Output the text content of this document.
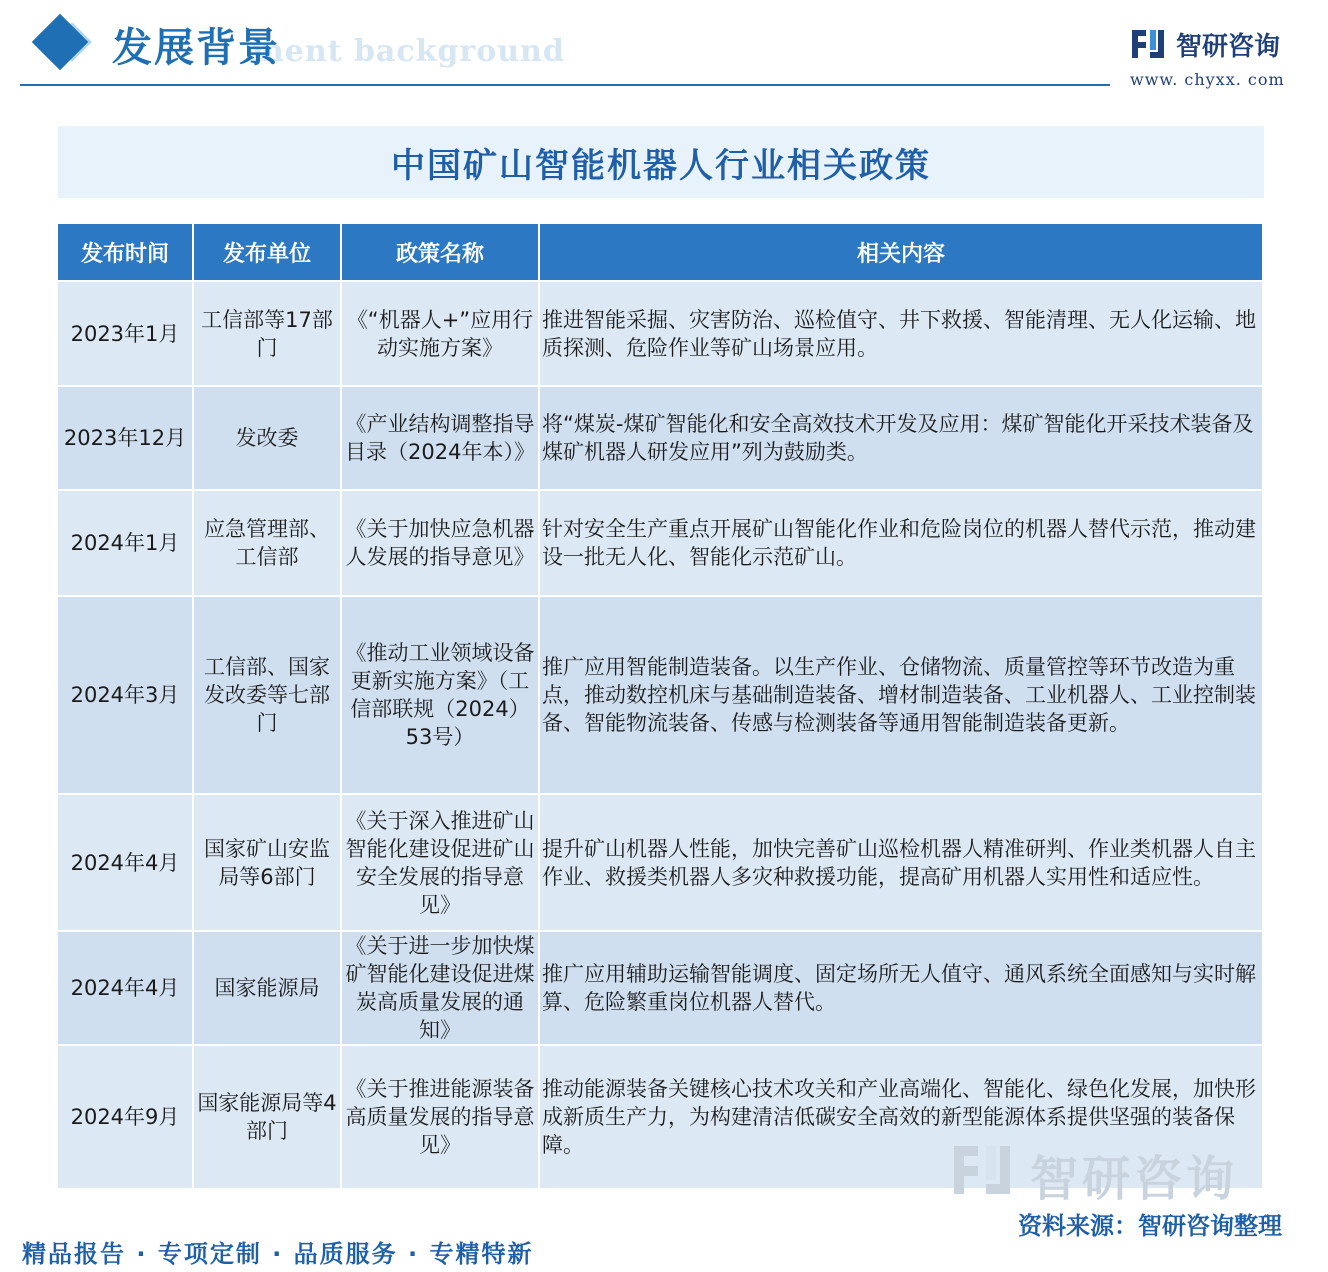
ment background
发展背景	智研咨询
www. chyxx. com
中国矿山智能机器人行业相关政策
发布时间	发布单位	政策名称	相关内容
2023年1月	工信部等17部门	《“机器人+”应用行动实施方案》	推进智能采掘、灾害防治、巡检值守、井下救援、智能清理、无人化运输、地质探测、危险作业等矿山场景应用。
2023年12月	发改委	《产业结构调整指导目录（2024年本）》	将“煤炭-煤矿智能化和安全高效技术开发及应用：煤矿智能化开采技术装备及煤矿机器人研发应用”列为鼓励类。
2024年1月	应急管理部、工信部	《关于加快应急机器人发展的指导意见》	针对安全生产重点开展矿山智能化作业和危险岗位的机器人替代示范，推动建设一批无人化、智能化示范矿山。
2024年3月	工信部、国家发改委等七部门	《推动工业领域设备更新实施方案》（工信部联规（2024）53号）	推广应用智能制造装备。以生产作业、仓储物流、质量管控等环节改造为重点，推动数控机床与基础制造装备、增材制造装备、工业机器人、工业控制装备、智能物流装备、传感与检测装备等通用智能制造装备更新。
2024年4月	国家矿山安监局等6部门	《关于深入推进矿山智能化建设促进矿山安全发展的指导意见》	提升矿山机器人性能，加快完善矿山巡检机器人精准研判、作业类机器人自主作业、救援类机器人多灾种救援功能，提高矿用机器人实用性和适应性。
2024年4月	国家能源局	《关于进一步加快煤矿智能化建设促进煤炭高质量发展的通知》	推广应用辅助运输智能调度、固定场所无人值守、通风系统全面感知与实时解算、危险繁重岗位机器人替代。
2024年9月	国家能源局等4部门	《关于推进能源装备高质量发展的指导意见》	推动能源装备关键核心技术攻关和产业高端化、智能化、绿色化发展，加快形成新质生产力，为构建清洁低碳安全高效的新型能源体系提供坚强的装备保障。
智研咨询
资料来源：智研咨询整理
精品报告 · 专项定制 · 品质服务 · 专精特新
